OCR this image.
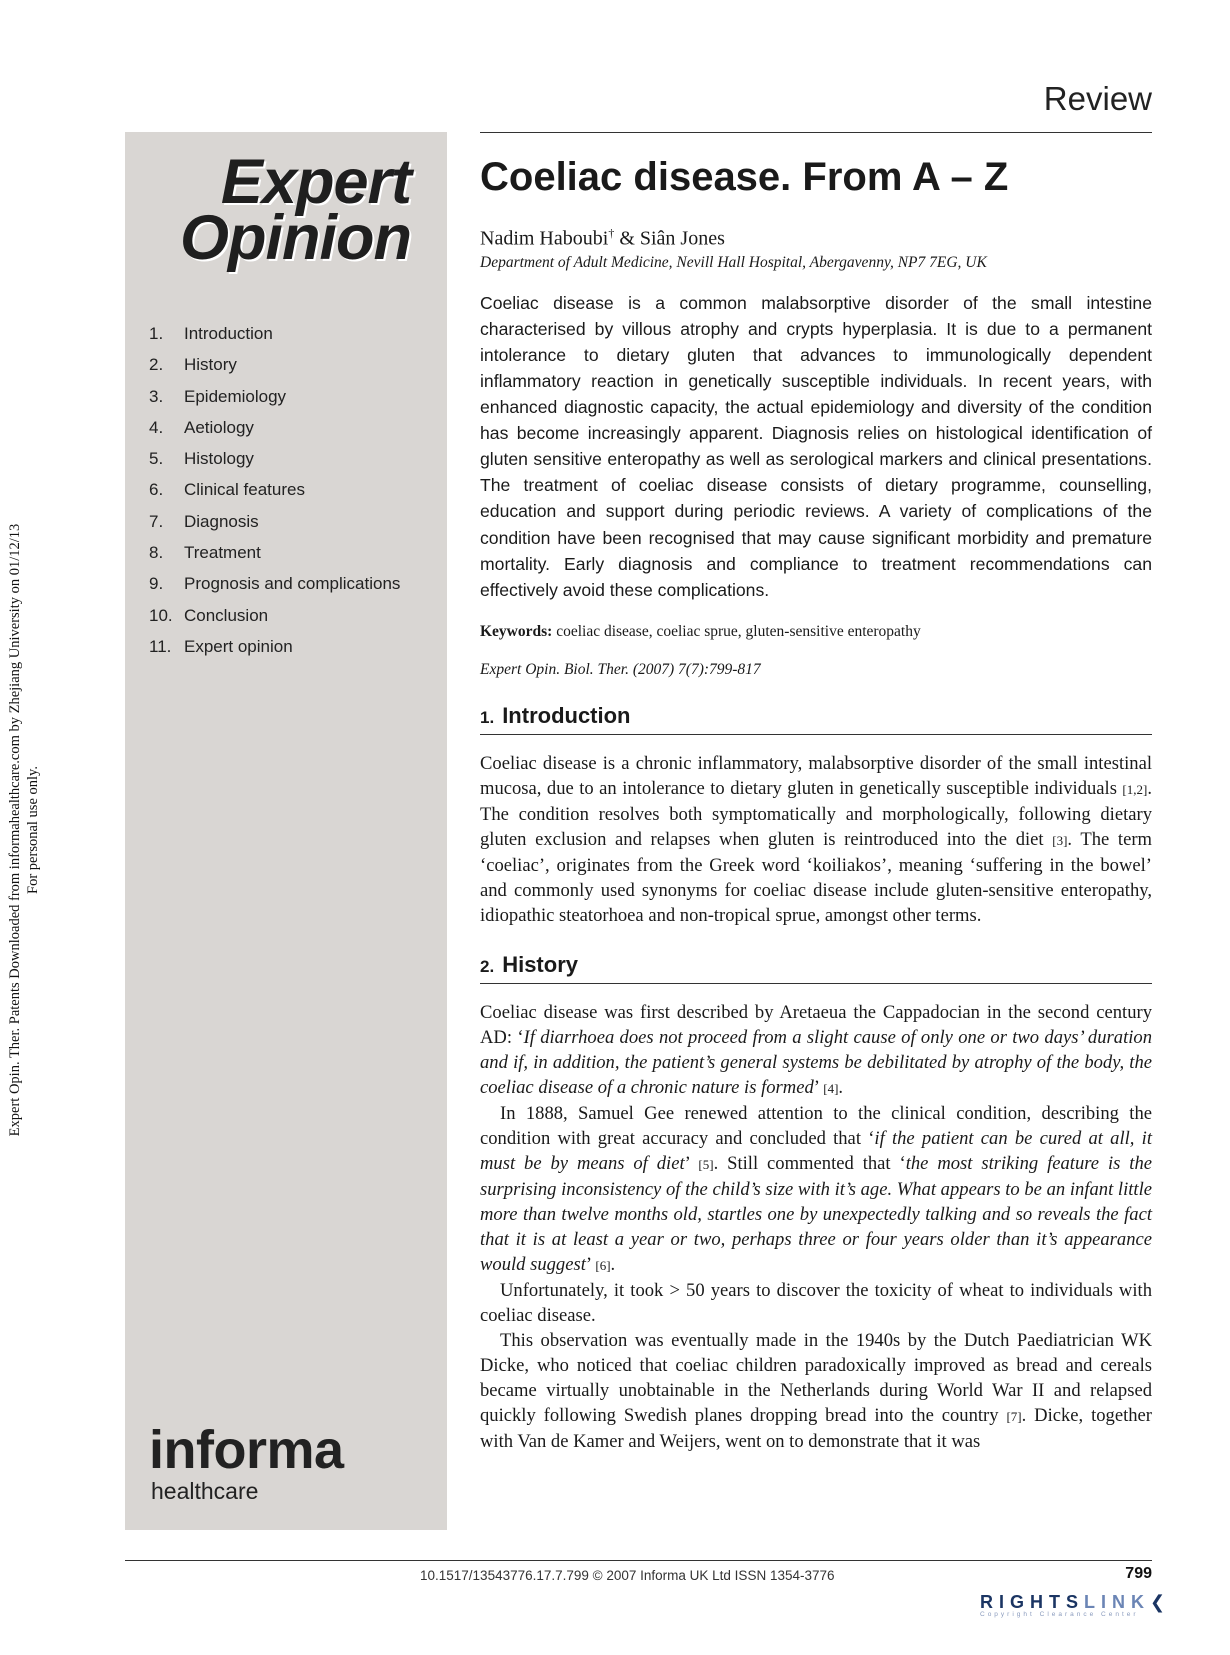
Expert Opin. Ther. Patents Downloaded from informahealthcare.com by Zhejiang University on 01/12/13 For personal use only.
Review
Expert
Opinion
1. Introduction
2. History
3. Epidemiology
4. Aetiology
5. Histology
6. Clinical features
7. Diagnosis
8. Treatment
9. Prognosis and complications
10. Conclusion
11. Expert opinion
informa
healthcare
Coeliac disease. From A – Z
Nadim Haboubi† & Siân Jones
Department of Adult Medicine, Nevill Hall Hospital, Abergavenny, NP7 7EG, UK
Coeliac disease is a common malabsorptive disorder of the small intestine characterised by villous atrophy and crypts hyperplasia. It is due to a permanent intolerance to dietary gluten that advances to immunologically dependent inflammatory reaction in genetically susceptible individuals. In recent years, with enhanced diagnostic capacity, the actual epidemiology and diversity of the condition has become increasingly apparent. Diagnosis relies on histological identification of gluten sensitive enteropathy as well as serological markers and clinical presentations. The treatment of coeliac disease consists of dietary programme, counselling, education and support during periodic reviews. A variety of complications of the condition have been recognised that may cause significant morbidity and premature mortality. Early diagnosis and compliance to treatment recommendations can effectively avoid these complications.
Keywords: coeliac disease, coeliac sprue, gluten-sensitive enteropathy
Expert Opin. Biol. Ther. (2007) 7(7):799-817
1. Introduction

Coeliac disease is a chronic inflammatory, malabsorptive disorder of the small intestinal mucosa, due to an intolerance to dietary gluten in genetically susceptible individuals [1,2]. The condition resolves both symptomatically and morphologically, following dietary gluten exclusion and relapses when gluten is reintroduced into the diet [3]. The term ‘coeliac’, originates from the Greek word ‘koiliakos’, meaning ‘suffering in the bowel’ and commonly used synonyms for coeliac disease include gluten-sensitive enteropathy, idiopathic steatorhoea and non-tropical sprue, amongst other terms.

2. History

Coeliac disease was first described by Aretaeua the Cappadocian in the second century AD: ‘If diarrhoea does not proceed from a slight cause of only one or two days’ duration and if, in addition, the patient’s general systems be debilitated by atrophy of the body, the coeliac disease of a chronic nature is formed’ [4].

In 1888, Samuel Gee renewed attention to the clinical condition, describing the condition with great accuracy and concluded that ‘if the patient can be cured at all, it must be by means of diet’ [5]. Still commented that ‘the most striking feature is the surprising inconsistency of the child’s size with it’s age. What appears to be an infant little more than twelve months old, startles one by unexpectedly talking and so reveals the fact that it is at least a year or two, perhaps three or four years older than it’s appearance would suggest’ [6].

Unfortunately, it took > 50 years to discover the toxicity of wheat to individuals with coeliac disease.

This observation was eventually made in the 1940s by the Dutch Paediatrician WK Dicke, who noticed that coeliac children paradoxically improved as bread and cereals became virtually unobtainable in the Netherlands during World War II and relapsed quickly following Swedish planes dropping bread into the country [7]. Dicke, together with Van de Kamer and Weijers, went on to demonstrate that it was

10.1517/13543776.17.7.799 © 2007 Informa UK Ltd ISSN 1354-3776	799
RIGHTSLINK❮
Copyright Clearance Center
